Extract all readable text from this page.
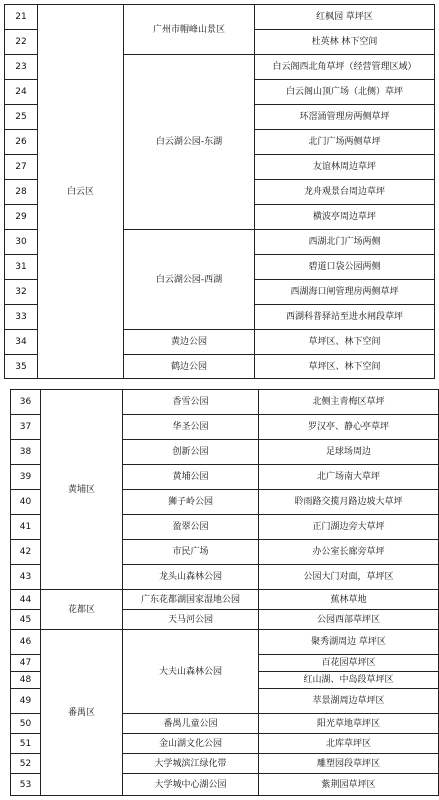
21	白云区	广州市帽峰山景区	红枫园 草坪区
22			杜英林 林下空间
23		白云湖公园-东湖	白云阁西北角草坪（经营管理区域）
24			白云阁山顶广场（北侧）草坪
25			环滘涌管理房两侧草坪
26			北门广场两侧草坪
27			友谊林周边草坪
28			龙舟观景台周边草坪
29			横波亭周边草坪
30		白云湖公园-西湖	西湖北门广场两侧
31			碧道口袋公园两侧
32			西湖海口闸管理房两侧草坪
33			西湖科普驿站至进水闸段草坪
34		黄边公园	草坪区、林下空间
35		鹤边公园	草坪区、林下空间
36	黄埔区	香雪公园	北侧主青梅区草坪
37		华圣公园	罗汉亭、静心亭草坪
38		创新公园	足球场周边
39		黄埔公园	北广场南大草坪
40		狮子岭公园	聆雨路交揽月路边坡大草坪
41		盈翠公园	正门湖边旁大草坪
42		市民广场	办公室长廊旁草坪
43		龙头山森林公园	公园大门对面，草坪区
44	花都区	广东花都湖国家湿地公园	蕉林草地
45		天马河公园	公园西部草坪区
46	番禺区	大夫山森林公园	聚秀湖周边 草坪区
47			百花园草坪区
48			红山湖、中岛段草坪区
49			萃景湖周边草坪区
50		番禺儿童公园	阳光草地草坪区
51		金山湖文化公园	北库草坪区
52		大学城滨江绿化带	雕塑园段草坪区
53		大学城中心湖公园	紫荆园草坪区
